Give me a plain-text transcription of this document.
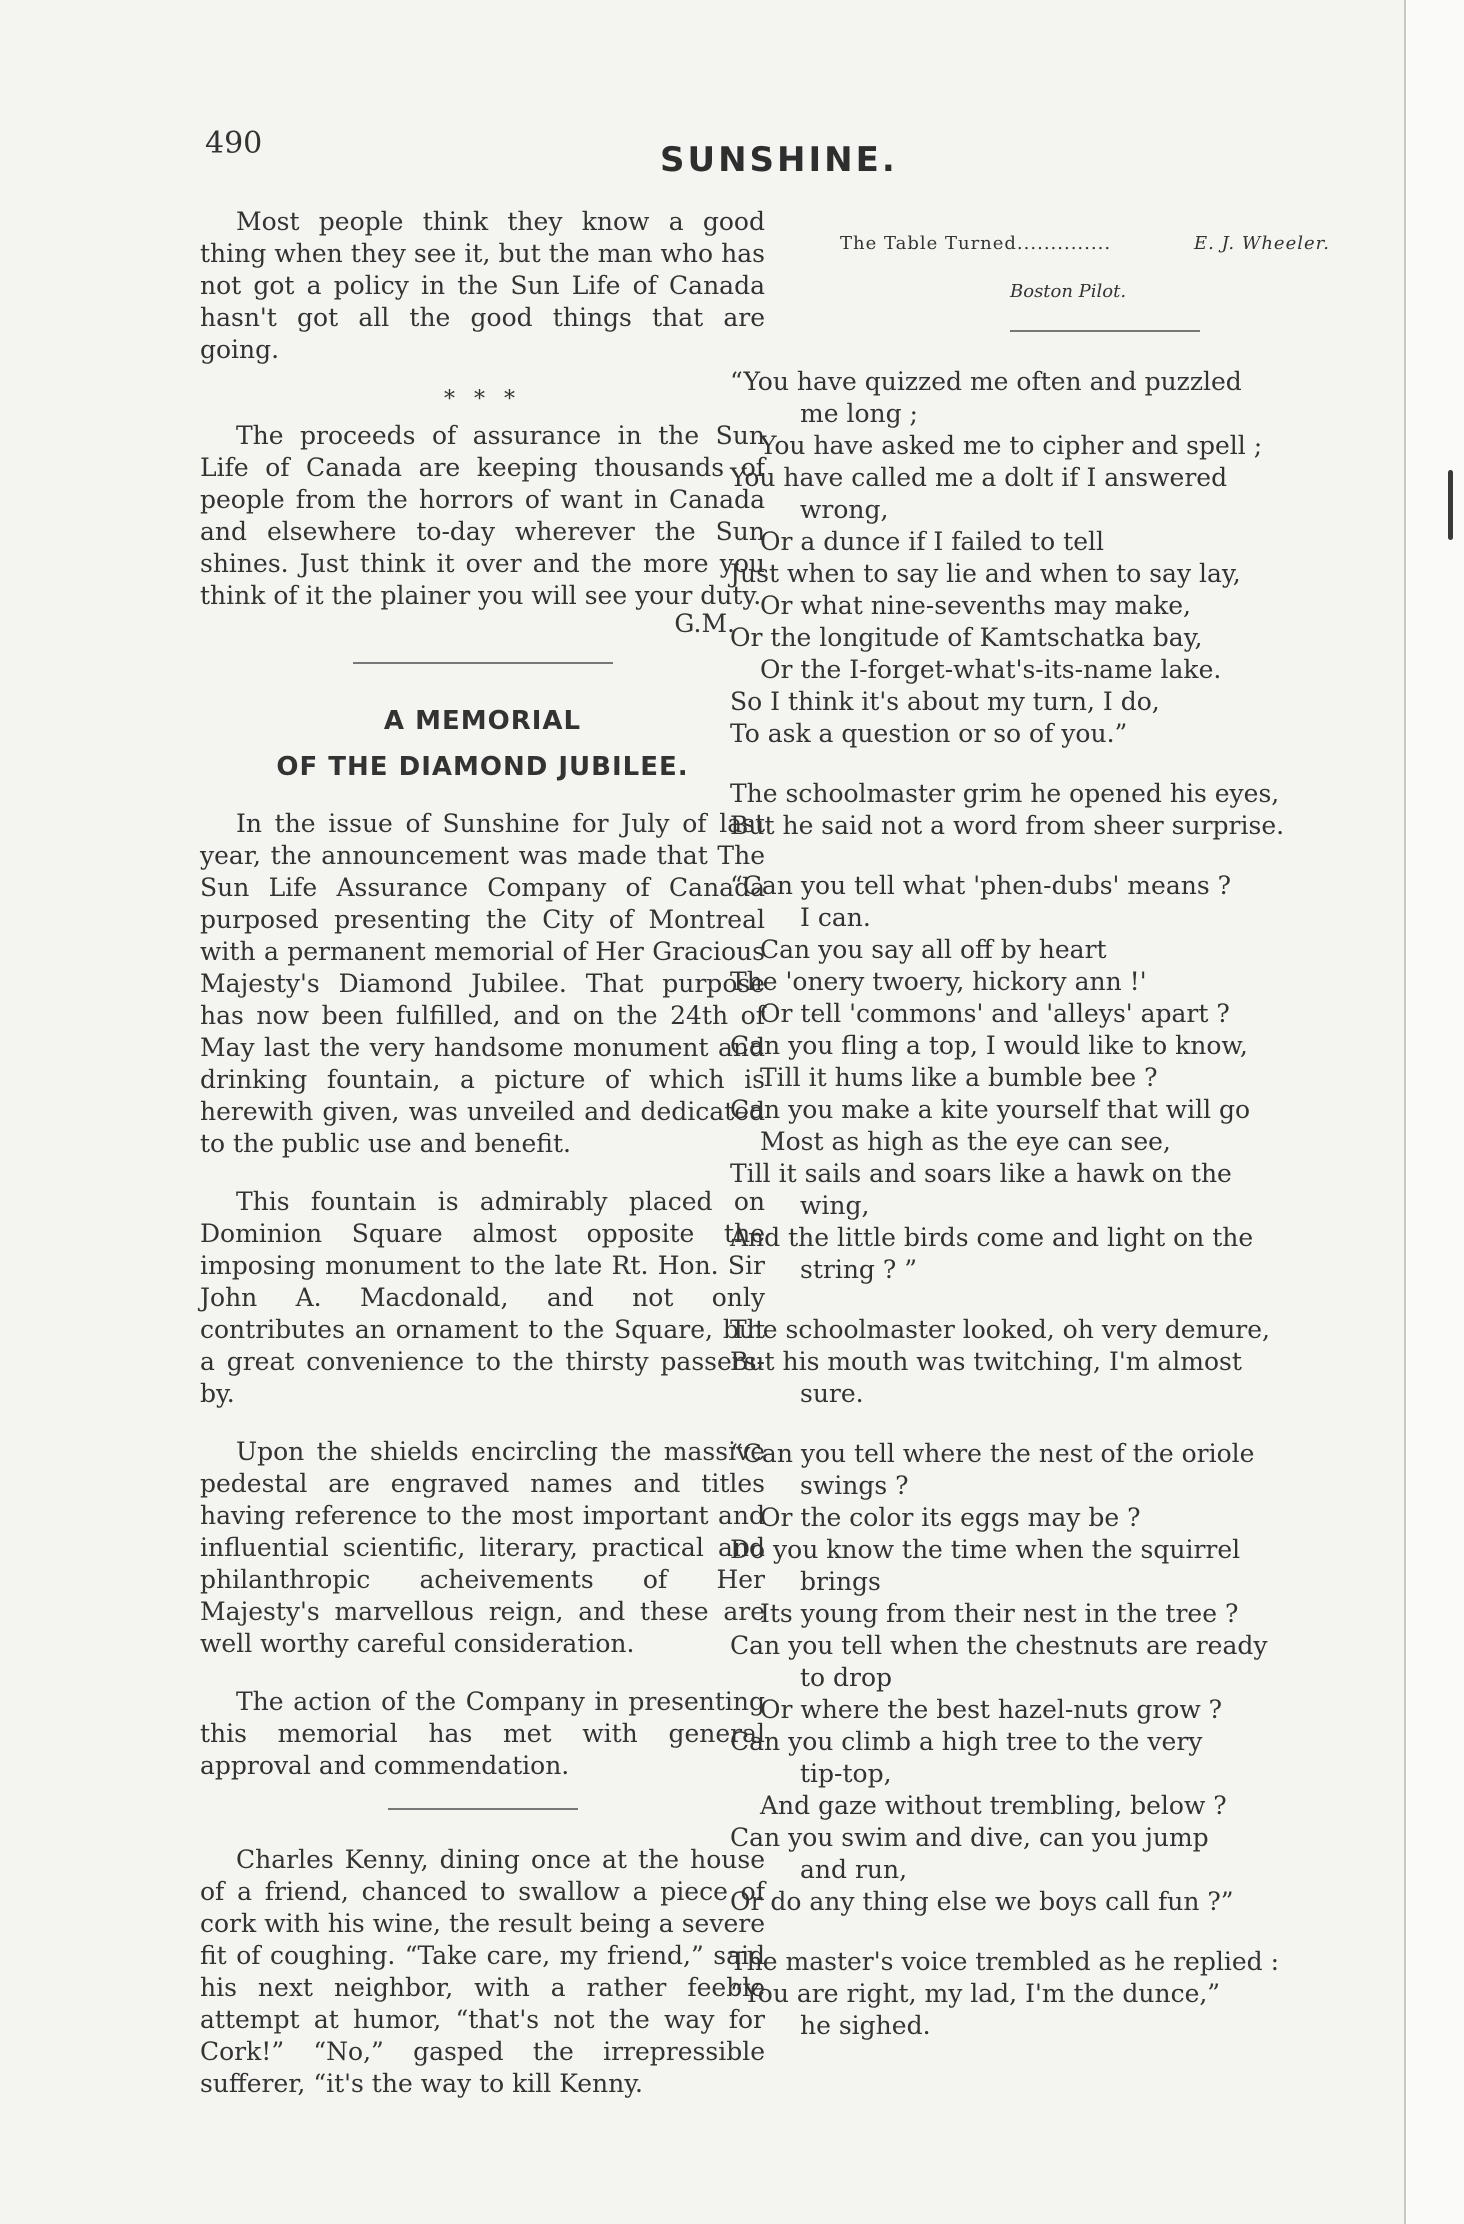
490	SUNSHINE.

Most people think they know a good thing when they see it, but the man who has not got a policy in the Sun Life of Canada hasn't got all the good things that are going.

* * *

The proceeds of assurance in the Sun Life of Canada are keeping thousands of people from the horrors of want in Canada and elsewhere to-day wherever the Sun shines. Just think it over and the more you think of it the plainer you will see your duty.

G.M.
A MEMORIAL
OF THE DIAMOND JUBILEE.

In the issue of Sunshine for July of last year, the announcement was made that The Sun Life Assurance Company of Canada purposed presenting the City of Montreal with a permanent memorial of Her Gracious Majesty's Diamond Jubilee. That purpose has now been fulfilled, and on the 24th of May last the very handsome monument and drinking fountain, a picture of which is herewith given, was unveiled and dedicated to the public use and benefit.

This fountain is admirably placed on Dominion Square almost opposite the imposing monument to the late Rt. Hon. Sir John A. Macdonald, and not only contributes an ornament to the Square, but a great convenience to the thirsty passers-by.

Upon the shields encircling the massive pedestal are engraved names and titles having reference to the most important and influential scientific, literary, practical and philanthropic acheivements of Her Majesty's marvellous reign, and these are well worthy careful consideration.

The action of the Company in presenting this memorial has met with general approval and commendation.

Charles Kenny, dining once at the house of a friend, chanced to swallow a piece of cork with his wine, the result being a severe fit of coughing. “Take care, my friend,” said his next neighbor, with a rather feeble attempt at humor, “that's not the way for Cork!” “No,” gasped the irrepressible sufferer, “it's the way to kill Kenny.

The Table Turned..............	E. J. Wheeler.
Boston Pilot.
“You have quizzed me often and puzzled
me long ;
You have asked me to cipher and spell ;
You have called me a dolt if I answered
wrong,
Or a dunce if I failed to tell
Just when to say lie and when to say lay,
Or what nine-sevenths may make,
Or the longitude of Kamtschatka bay,
Or the I-forget-what's-its-name lake.
So I think it's about my turn, I do,
To ask a question or so of you.”
The schoolmaster grim he opened his eyes,
But he said not a word from sheer surprise.
“Can you tell what 'phen-dubs' means ?
I can.
Can you say all off by heart
The 'onery twoery, hickory ann !'
Or tell 'commons' and 'alleys' apart ?
Can you fling a top, I would like to know,
Till it hums like a bumble bee ?
Can you make a kite yourself that will go
Most as high as the eye can see,
Till it sails and soars like a hawk on the
wing,
And the little birds come and light on the
string ? ”
The schoolmaster looked, oh very demure,
But his mouth was twitching, I'm almost
sure.
“Can you tell where the nest of the oriole
swings ?
Or the color its eggs may be ?
Do you know the time when the squirrel
brings
Its young from their nest in the tree ?
Can you tell when the chestnuts are ready
to drop
Or where the best hazel-nuts grow ?
Can you climb a high tree to the very
tip-top,
And gaze without trembling, below ?
Can you swim and dive, can you jump
and run,
Or do any thing else we boys call fun ?”
The master's voice trembled as he replied :
“You are right, my lad, I'm the dunce,”
he sighed.
